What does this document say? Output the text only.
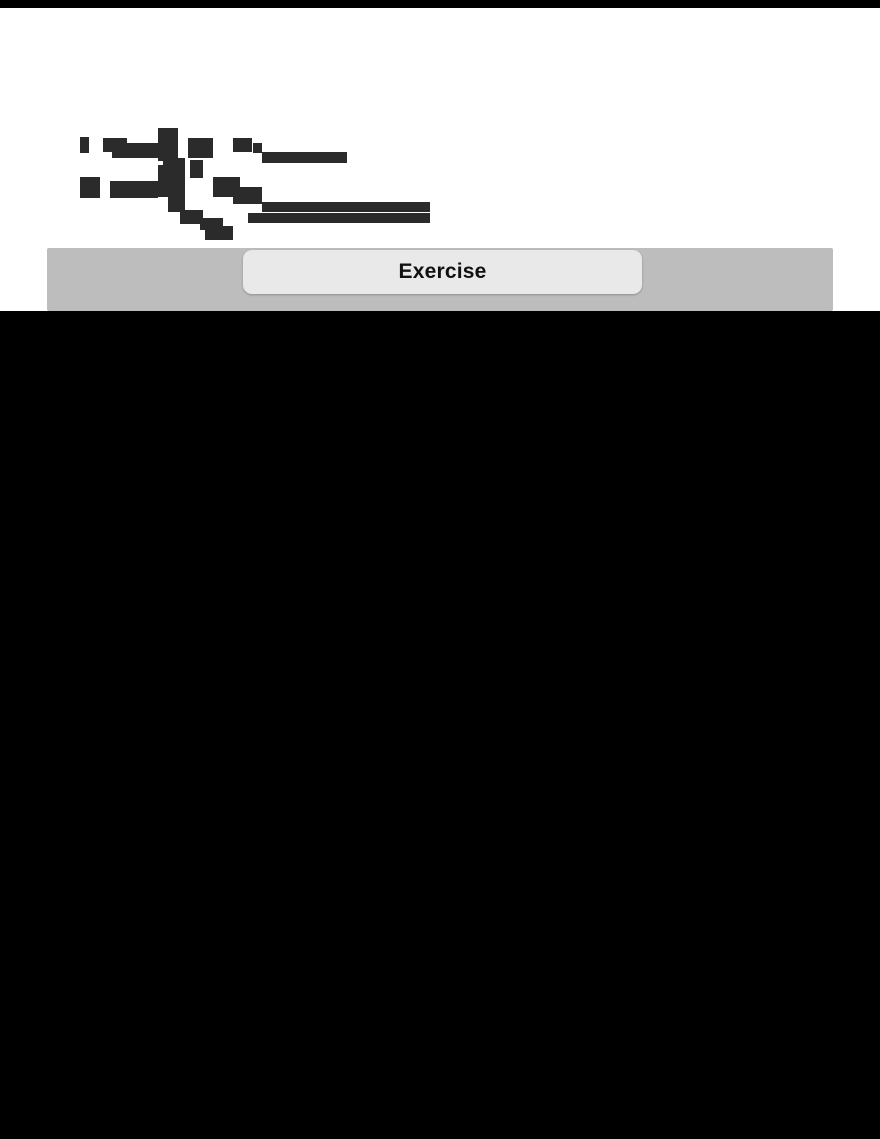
Exercise
